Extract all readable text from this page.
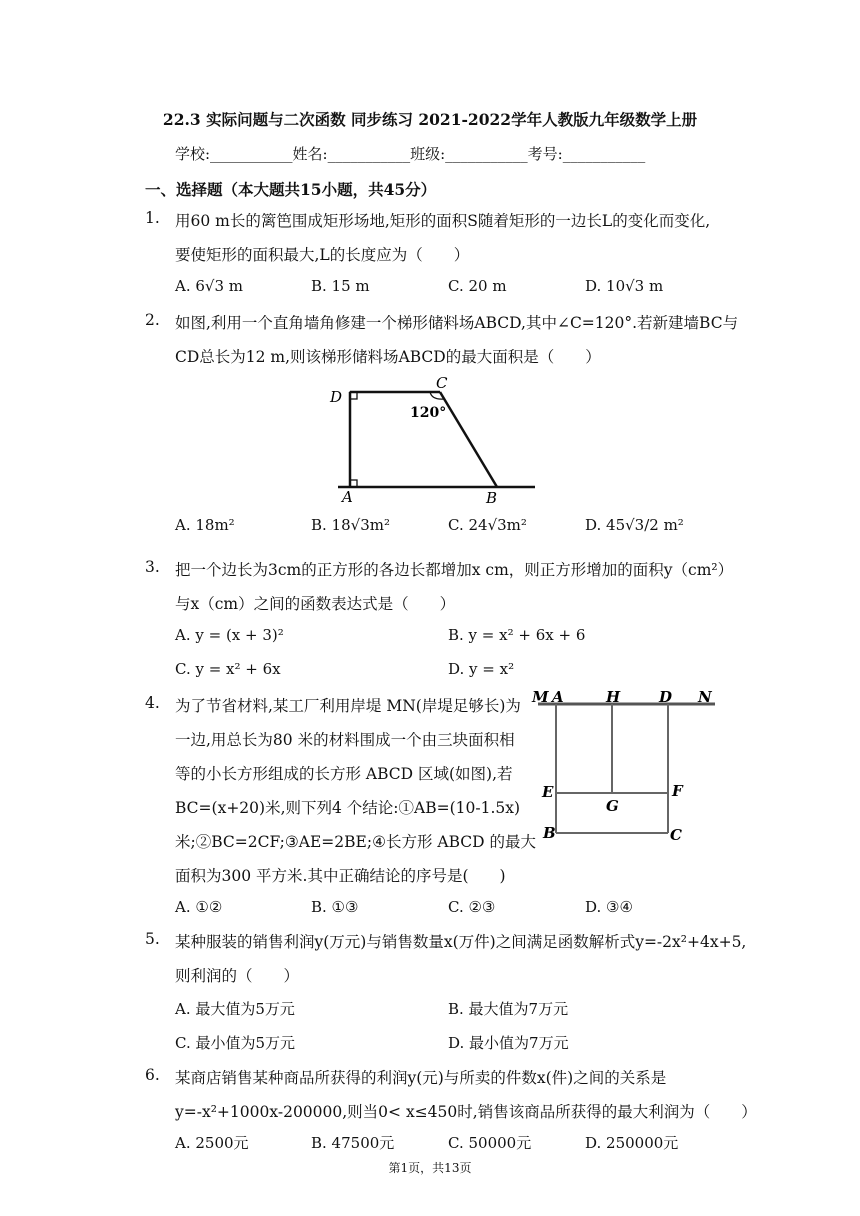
22.3 实际问题与二次函数 同步练习 2021-2022学年人教版九年级数学上册
学校:___________姓名:___________班级:___________考号:___________
一、选择题（本大题共15小题，共45分）
1. 用60 m长的篱笆围成矩形场地,矩形的面积S随着矩形的一边长L的变化而变化,
要使矩形的面积最大,L的长度应为（　　）
A. 6√3 m	B. 15 m	C. 20 m	D. 10√3 m
2. 如图,利用一个直角墙角修建一个梯形储料场ABCD,其中∠C=120°.若新建墙BC与
CD总长为12 m,则该梯形储料场ABCD的最大面积是（　　）
D
C
120°
A	B
A. 18m²	B. 18√3m²	C. 24√3m²	D. 45√3/2 m²
3. 把一个边长为3cm的正方形的各边长都增加x cm，则正方形增加的面积y（cm²）
与x（cm）之间的函数表达式是（　　）
A. y = (x + 3)²	B. y = x² + 6x + 6
C. y = x² + 6x	D. y = x²
4. 为了节省材料,某工厂利用岸堤 MN(岸堤足够长)为
一边,用总长为80 米的材料围成一个由三块面积相
等的小长方形组成的长方形 ABCD 区域(如图),若
BC=(x+20)米,则下列4 个结论:①AB=(10-1.5x)
米;②BC=2CF;③AE=2BE;④长方形 ABCD 的最大
面积为300 平方米.其中正确结论的序号是(　　)
M A	H	D N
E
G
F
B	C
A. ①②	B. ①③	C. ②③	D. ③④
5. 某种服装的销售利润y(万元)与销售数量x(万件)之间满足函数解析式y=-2x²+4x+5,
则利润的（　　）
A. 最大值为5万元	B. 最大值为7万元
C. 最小值为5万元	D. 最小值为7万元
6. 某商店销售某种商品所获得的利润y(元)与所卖的件数x(件)之间的关系是
y=-x²+1000x-200000,则当0< x≤450时,销售该商品所获得的最大利润为（　　）
A. 2500元	B. 47500元	C. 50000元	D. 250000元
第1页，共13页
